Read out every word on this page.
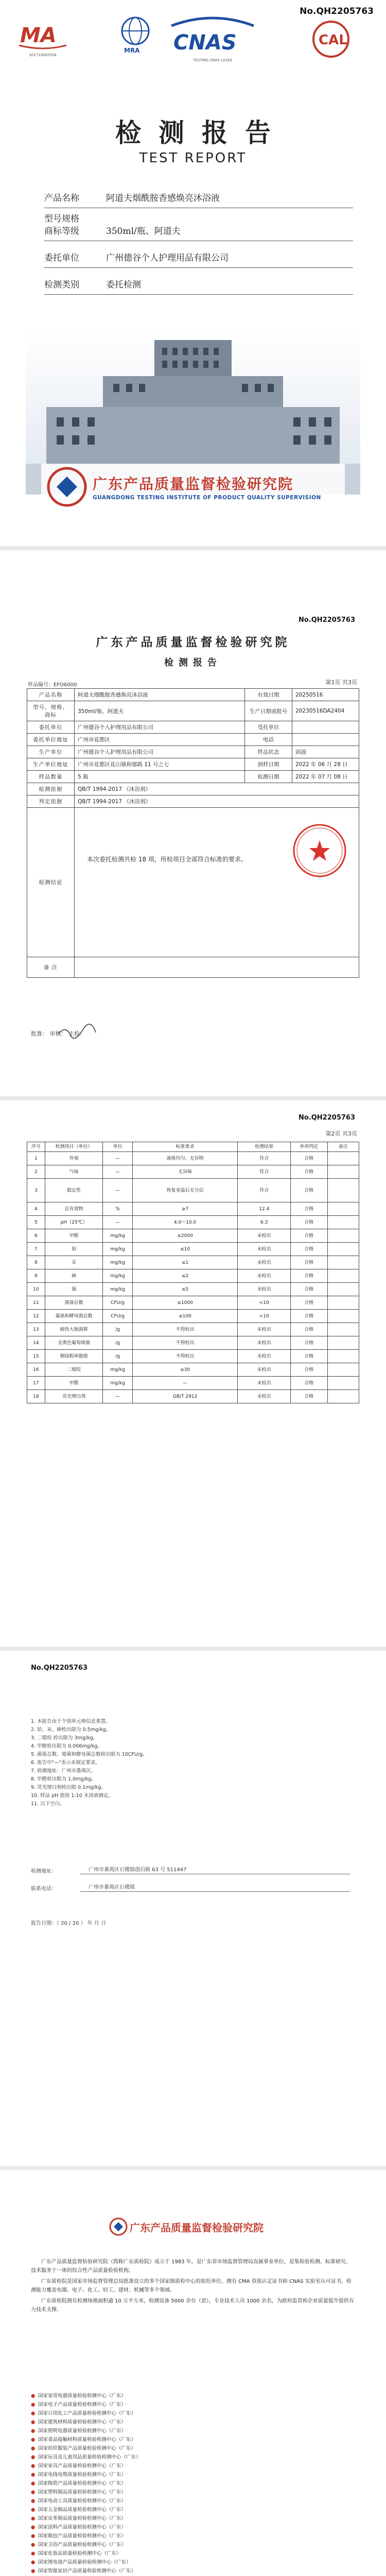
No.QH2205763
MA
201719005558
MRA CNAS
TESTING CNAS L0183
CAL
检测报告
TEST REPORT
产品名称	阿道夫烟酰胺香感焕亮沐浴液
型号规格
商标等级	350ml/瓶、阿道夫
委托单位	广州德谷个人护理用品有限公司
检测类别	委托检测
广东产品质量监督检验研究院
GUANGDONG TESTING INSTITUTE OF PRODUCT QUALITY SUPERVISION
No.QH2205763
广东产品质量监督检验研究院
检测报告
第1页 共3页
样品编号：EFO6000
产品名称	阿道夫烟酰胺香感焕亮沐浴液	有效日期	20250516
型号、规格、商标	350ml/瓶、阿道夫	生产日期或批号	20230516DA2404
委托单位	广州德谷个人护理用品有限公司	受托单位	
委托单位地址	广州市花都区	电话	
生产单位	广州德谷个人护理用品有限公司	样品状态	固液
生产单位地址	广州市花都区花山镇和郁路 11 号之七	到样日期	2022 年 06 月 28 日
样品数量	5 瓶	检测日期	2022 年 07 月 08 日
检测依据	QB/T 1994-2017 《沐浴剂》		
判定依据	QB/T 1994-2017 《沐浴剂》		
检测结论	本次委托检测共检 18 项，所检项目全部符合标准的要求。		
备 注			
批准： 审核： 主检：
No.QH2205763
第2页 共3页
序号	检测项目（单位）	单位	标准要求	检测结果	单项判定	备注
1	外观	—	液体均匀，无异物	符合	合格	
2	气味	—	无异味	符合	合格	
3	稳定性	—	恢复室温后无分层	符合	合格	
4	总有效物	%	≥7	12.4	合格	
5	pH（25℃）	—	4.0～10.0	6.3	合格	
6	甲醇	mg/kg	≤2000	未检出	合格	
7	铅	mg/kg	≤10	未检出	合格	
8	汞	mg/kg	≤1	未检出	合格	
9	砷	mg/kg	≤2	未检出	合格	
10	镉	mg/kg	≤5	未检出	合格	
11	菌落总数	CFU/g	≤1000	<10	合格	
12	霉菌和酵母菌总数	CFU/g	≤100	<10	合格	
13	耐热大肠菌群	/g	不得检出	未检出	合格	
14	金黄色葡萄球菌	/g	不得检出	未检出	合格	
15	铜绿假单胞菌	/g	不得检出	未检出	合格	
16	二噁烷	mg/kg	≤30	未检出	合格	
17	甲醛	mg/kg	—	未检出	合格	
18	荧光增白剂	—	GB/T 2912	未检出	合格	
No.QH2205763
1. 本报告由于个别单元格信息重置。
2. 铅、汞、砷检出限为 0.5mg/kg。
3. 二噁烷 检出限为 3mg/kg。
4. 甲醇检出限为 0.006mg/kg。
5. 菌落总数、霉菌和酵母菌总数检出限为 10CFU/g。
6. 报告中"—"表示未规定要求。
7. 检测地址：广州市番禺区。
8. 甲醛检出限为 1.0mg/kg。
9. 荧光增白剂检出限 0.1mg/kg。
10. 样品 pH 值按 1:10 水溶液测定。
11. 以下空白。
检测地址：	广州市番禺区石楼镇创启路 63 号 511447
联系电话：	广州市番禺区石楼镇
报告日期：（ 20 / 20 ） 年 月 日
广东产品质量监督检验研究院

广东产品质量监督检验研究院（简称广东质检院）成立于 1983 年，是广东省市场监督管理局直属事业单位，是集检验检测、标准研究、技术服务于一体的综合性产品质量检验机构。

广东质检院是国家市场监督管理总局批准设立的多个国家级质检中心的依托单位，拥有 CMA 资质认定证书和 CNAS 实验室认可证书，检测能力覆盖电器、电子、化工、轻工、建材、机械等多个领域。

广东质检院拥有检测场地面积逾 10 万平方米，检测设备 5000 余台（套），专业技术人员 1000 余名，为政府监管和企业质量提升提供有力技术支撑。

● 国家家用电器质量检验检测中心（广东）
● 国家电子产品质量检验检测中心（广东）
● 国家日用化工产品质量检验检测中心（广东）
● 国家建筑材料质量检验检测中心（广东）
● 国家照明电器质量检验检测中心（广东）
● 国家食品接触材料质量检验检测中心（广东）
● 国家纺织服装产品质量检验检测中心（广东）
● 国家玩具及儿童用品质量检验检测中心（广东）
● 国家家具产品质量检验检测中心（广东）
● 国家电线电缆质量检验检测中心（广东）
● 国家陶瓷产品质量检验检测中心（广东）
● 国家塑料制品质量检验检测中心（广东）
● 国家电动工具质量检验检测中心（广东）
● 国家五金制品质量检验检测中心（广东）
● 国家皮革制品质量检验检测中心（广东）
● 国家涂料产品质量检验检测中心（广东）
● 国家箱包产品质量检验检测中心（广东）
● 国家卫浴产品质量检验检测中心（广东）
● 国家化妆品质量检验检测中心（广东）
● 国家锂电池产品质量检验检测中心（广东）
● 国家智能家居产品质量检验检测中心（广东）
